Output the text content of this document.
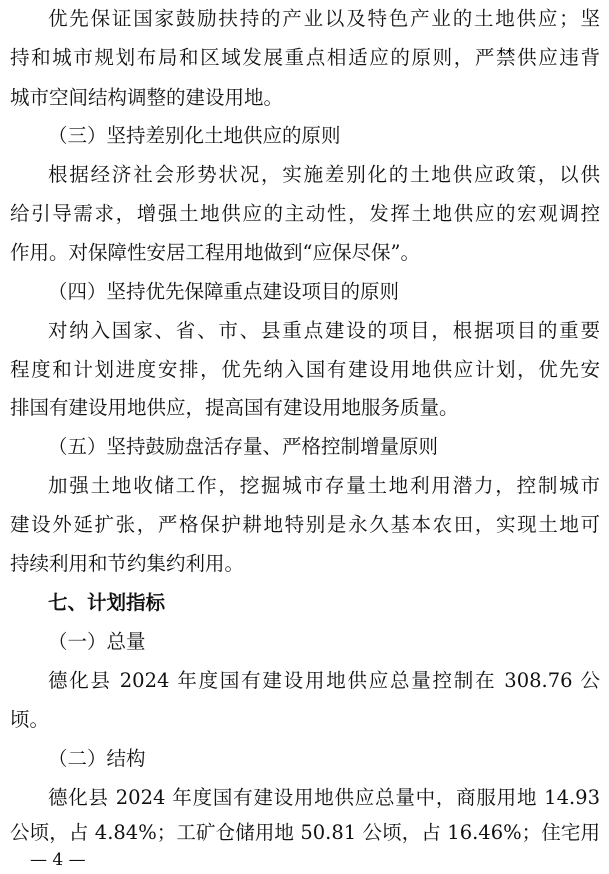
优先保证国家鼓励扶持的产业以及特色产业的土地供应；坚
持和城市规划布局和区域发展重点相适应的原则，严禁供应违背
城市空间结构调整的建设用地。
（三）坚持差别化土地供应的原则
根据经济社会形势状况，实施差别化的土地供应政策，以供
给引导需求，增强土地供应的主动性，发挥土地供应的宏观调控
作用。对保障性安居工程用地做到“应保尽保”。
（四）坚持优先保障重点建设项目的原则
对纳入国家、省、市、县重点建设的项目，根据项目的重要
程度和计划进度安排，优先纳入国有建设用地供应计划，优先安
排国有建设用地供应，提高国有建设用地服务质量。
（五）坚持鼓励盘活存量、严格控制增量原则
加强土地收储工作，挖掘城市存量土地利用潜力，控制城市
建设外延扩张，严格保护耕地特别是永久基本农田，实现土地可
持续利用和节约集约利用。
七、计划指标
（一）总量
德化县 2024 年度国有建设用地供应总量控制在 308.76 公
顷。
（二）结构
德化县 2024 年度国有建设用地供应总量中，商服用地 14.93
公顷，占 4.84%；工矿仓储用地 50.81 公顷，占 16.46%；住宅用
— 4 —
